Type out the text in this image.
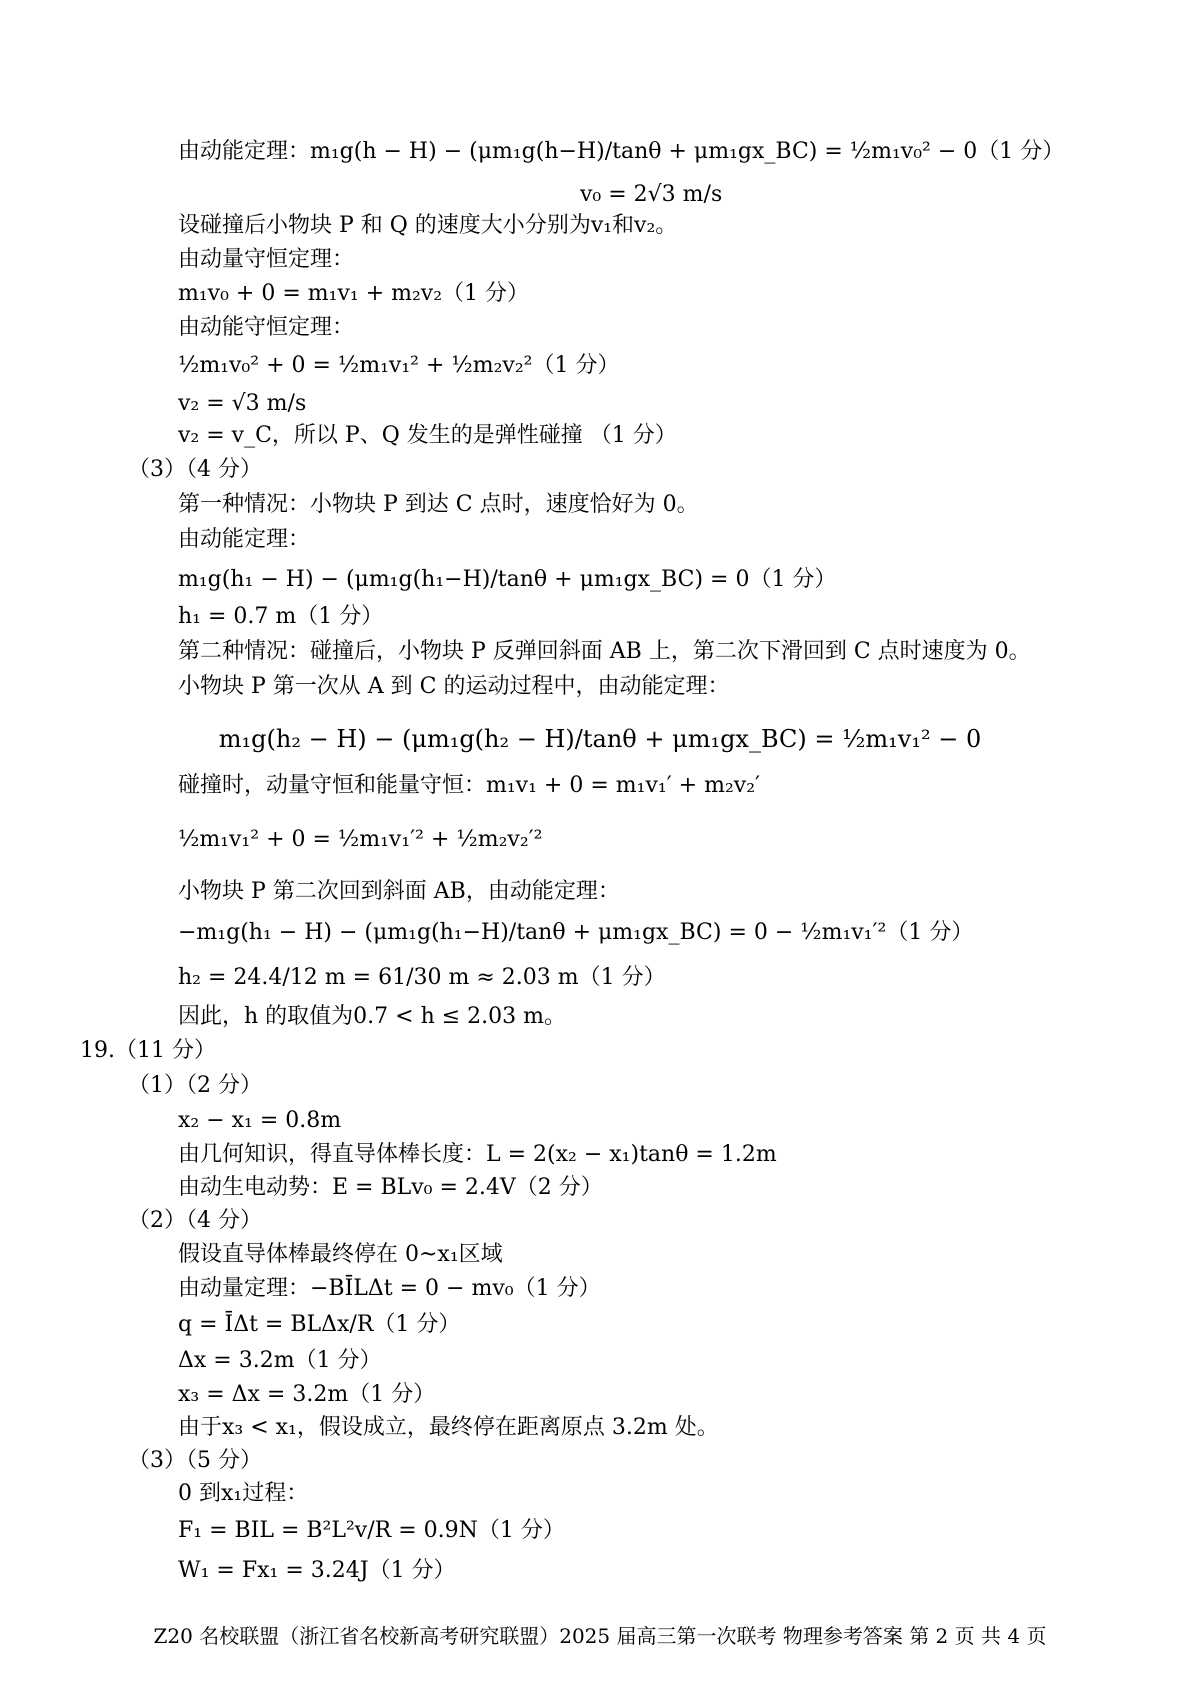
由动能定理：m₁g(h − H) − (μm₁g(h−H)/tanθ + μm₁gx_BC) = ½m₁v₀² − 0（1 分）
v₀ = 2√3 m/s
设碰撞后小物块 P 和 Q 的速度大小分别为v₁和v₂。
由动量守恒定理：
m₁v₀ + 0 = m₁v₁ + m₂v₂（1 分）
由动能守恒定理：
½m₁v₀² + 0 = ½m₁v₁² + ½m₂v₂²（1 分）
v₂ = √3 m/s
v₂ = v_C，所以 P、Q 发生的是弹性碰撞 （1 分）
（3）（4 分）
第一种情况：小物块 P 到达 C 点时，速度恰好为 0。
由动能定理：
m₁g(h₁ − H) − (μm₁g(h₁−H)/tanθ + μm₁gx_BC) = 0（1 分）
h₁ = 0.7 m（1 分）
第二种情况：碰撞后，小物块 P 反弹回斜面 AB 上，第二次下滑回到 C 点时速度为 0。
小物块 P 第一次从 A 到 C 的运动过程中，由动能定理：
m₁g(h₂ − H) − (μm₁g(h₂ − H)/tanθ + μm₁gx_BC) = ½m₁v₁² − 0
碰撞时，动量守恒和能量守恒：m₁v₁ + 0 = m₁v₁′ + m₂v₂′
½m₁v₁² + 0 = ½m₁v₁′² + ½m₂v₂′²
小物块 P 第二次回到斜面 AB，由动能定理：
−m₁g(h₁ − H) − (μm₁g(h₁−H)/tanθ + μm₁gx_BC) = 0 − ½m₁v₁′²（1 分）
h₂ = 24.4/12 m = 61/30 m ≈ 2.03 m（1 分）
因此，h 的取值为0.7 < h ≤ 2.03 m。
19.（11 分）
（1）（2 分）
x₂ − x₁ = 0.8m
由几何知识，得直导体棒长度：L = 2(x₂ − x₁)tanθ = 1.2m
由动生电动势：E = BLv₀ = 2.4V（2 分）
（2）（4 分）
假设直导体棒最终停在 0~x₁区域
由动量定理：−BĪLΔt = 0 − mv₀（1 分）
q = ĪΔt = BLΔx/R（1 分）
Δx = 3.2m（1 分）
x₃ = Δx = 3.2m（1 分）
由于x₃ < x₁，假设成立，最终停在距离原点 3.2m 处。
（3）（5 分）
0 到x₁过程：
F₁ = BIL = B²L²v/R = 0.9N（1 分）
W₁ = Fx₁ = 3.24J（1 分）
Z20 名校联盟（浙江省名校新高考研究联盟）2025 届高三第一次联考 物理参考答案 第 2 页 共 4 页
